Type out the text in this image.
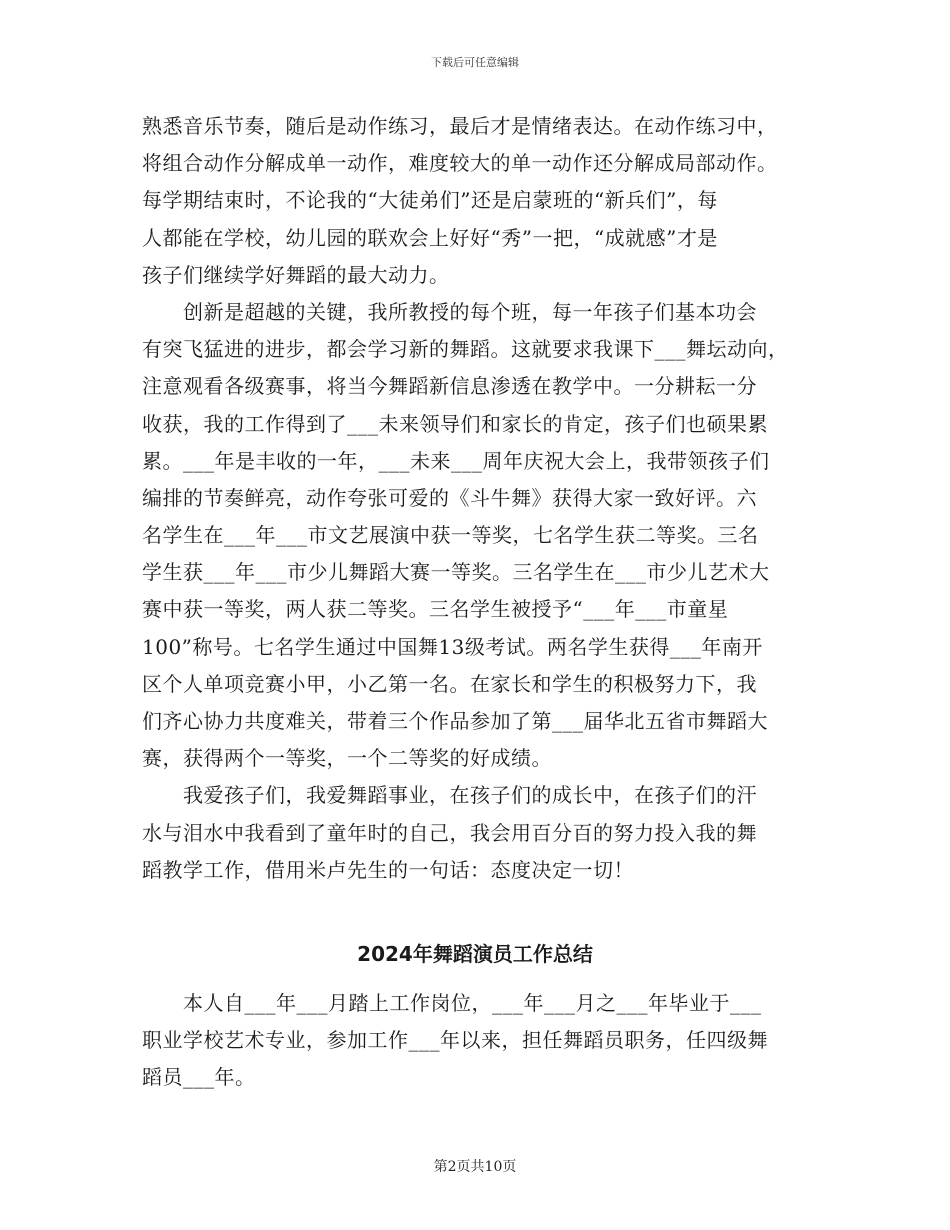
下载后可任意编辑
熟悉音乐节奏，随后是动作练习，最后才是情绪表达。在动作练习中，
将组合动作分解成单一动作，难度较大的单一动作还分解成局部动作。
每学期结束时，不论我的“大徒弟们”还是启蒙班的“新兵们”，每
人都能在学校，幼儿园的联欢会上好好“秀”一把，“成就感”才是
孩子们继续学好舞蹈的最大动力。
　　创新是超越的关键，我所教授的每个班，每一年孩子们基本功会
有突飞猛进的进步，都会学习新的舞蹈。这就要求我课下___舞坛动向，
注意观看各级赛事，将当今舞蹈新信息渗透在教学中。一分耕耘一分
收获，我的工作得到了___未来领导们和家长的肯定，孩子们也硕果累
累。___年是丰收的一年，___未来___周年庆祝大会上，我带领孩子们
编排的节奏鲜亮，动作夸张可爱的《斗牛舞》获得大家一致好评。六
名学生在___年___市文艺展演中获一等奖，七名学生获二等奖。三名
学生获___年___市少儿舞蹈大赛一等奖。三名学生在___市少儿艺术大
赛中获一等奖，两人获二等奖。三名学生被授予“___年___市童星
100”称号。七名学生通过中国舞13级考试。两名学生获得___年南开
区个人单项竞赛小甲，小乙第一名。在家长和学生的积极努力下，我
们齐心协力共度难关，带着三个作品参加了第___届华北五省市舞蹈大
赛，获得两个一等奖，一个二等奖的好成绩。
　　我爱孩子们，我爱舞蹈事业，在孩子们的成长中，在孩子们的汗
水与泪水中我看到了童年时的自己，我会用百分百的努力投入我的舞
蹈教学工作，借用米卢先生的一句话：态度决定一切！
2024年舞蹈演员工作总结
　　本人自___年___月踏上工作岗位，___年___月之___年毕业于___
职业学校艺术专业，参加工作___年以来，担任舞蹈员职务，任四级舞
蹈员___年。
第2页共10页
